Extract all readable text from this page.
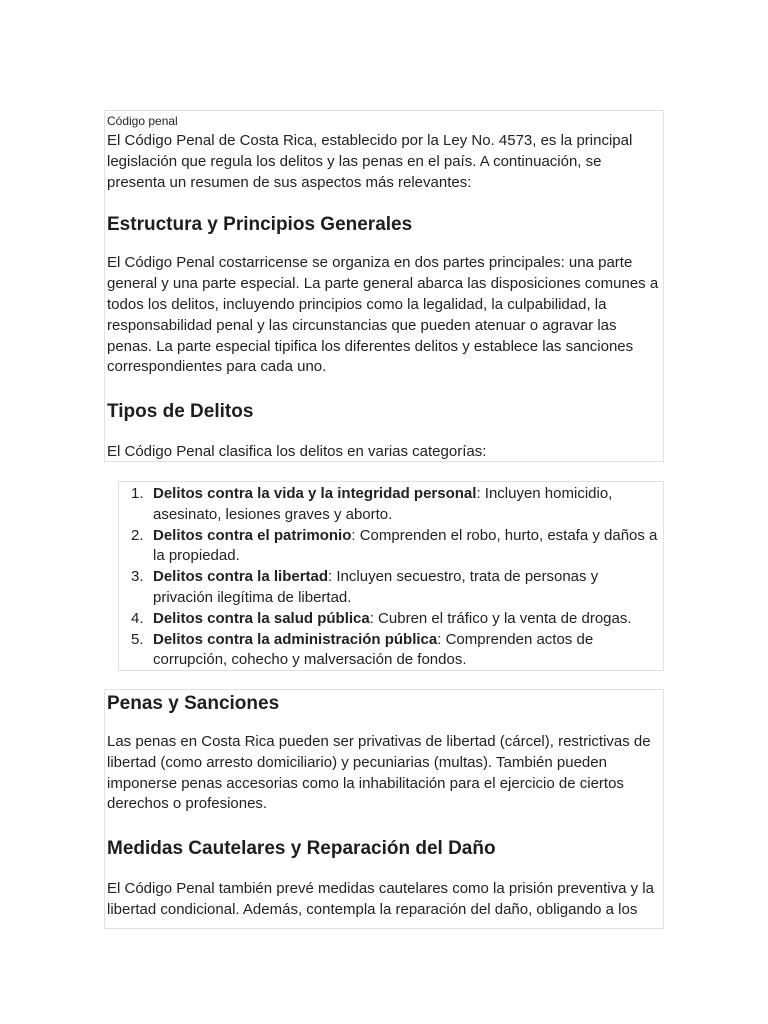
Código penal

El Código Penal de Costa Rica, establecido por la Ley No. 4573, es la principal legislación que regula los delitos y las penas en el país. A continuación, se presenta un resumen de sus aspectos más relevantes:

Estructura y Principios Generales

El Código Penal costarricense se organiza en dos partes principales: una parte general y una parte especial. La parte general abarca las disposiciones comunes a todos los delitos, incluyendo principios como la legalidad, la culpabilidad, la responsabilidad penal y las circunstancias que pueden atenuar o agravar las penas. La parte especial tipifica los diferentes delitos y establece las sanciones correspondientes para cada uno.

Tipos de Delitos

El Código Penal clasifica los delitos en varias categorías:

1. Delitos contra la vida y la integridad personal: Incluyen homicidio, asesinato, lesiones graves y aborto.
2. Delitos contra el patrimonio: Comprenden el robo, hurto, estafa y daños a la propiedad.
3. Delitos contra la libertad: Incluyen secuestro, trata de personas y privación ilegítima de libertad.
4. Delitos contra la salud pública: Cubren el tráfico y la venta de drogas.
5. Delitos contra la administración pública: Comprenden actos de corrupción, cohecho y malversación de fondos.
Penas y Sanciones

Las penas en Costa Rica pueden ser privativas de libertad (cárcel), restrictivas de libertad (como arresto domiciliario) y pecuniarias (multas). También pueden imponerse penas accesorias como la inhabilitación para el ejercicio de ciertos derechos o profesiones.

Medidas Cautelares y Reparación del Daño

El Código Penal también prevé medidas cautelares como la prisión preventiva y la libertad condicional. Además, contempla la reparación del daño, obligando a los
